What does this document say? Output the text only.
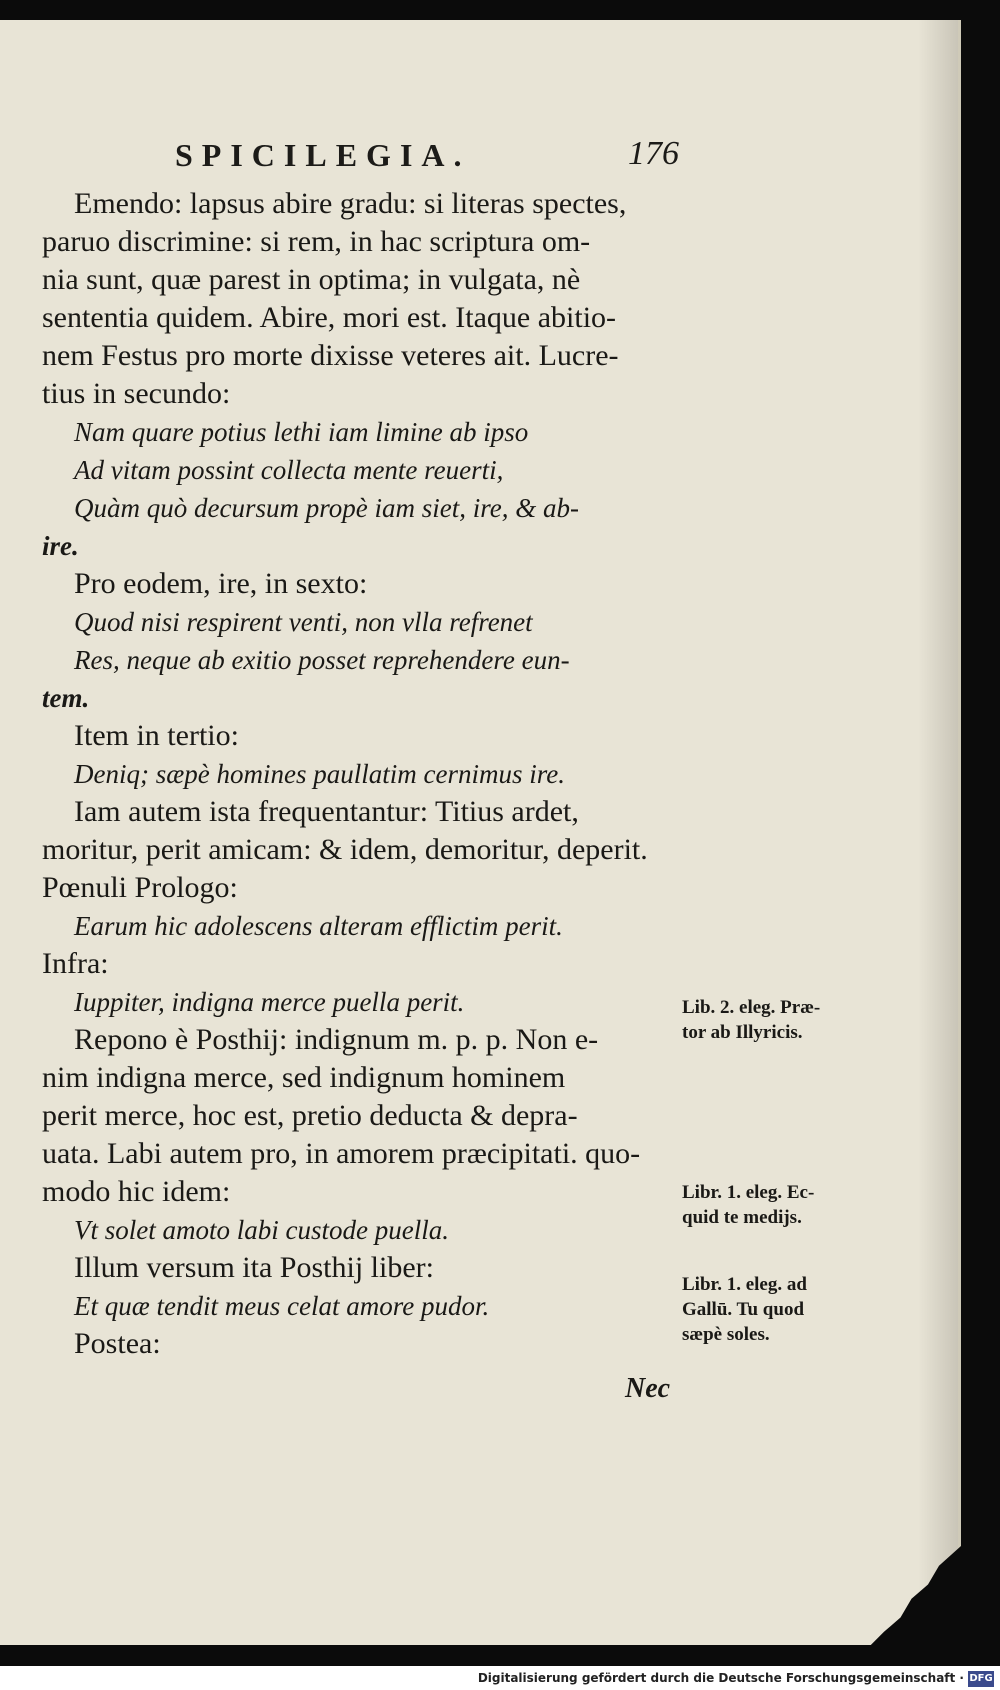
SPICILEGIA.	176
Emendo: lapsus abire gradu: si literas spectes,
paruo discrimine: si rem, in hac scriptura om-
nia sunt, quæ parest in optima; in vulgata, nè
sententia quidem. Abire, mori est. Itaque abitio-
nem Festus pro morte dixisse veteres ait. Lucre-
tius in secundo:
Nam quare potius lethi iam limine ab ipso
Ad vitam possint collecta mente reuerti,
Quàm quò decursum propè iam siet, ire, & ab-
ire.
Pro eodem, ire, in sexto:
Quod nisi respirent venti, non vlla refrenet
Res, neque ab exitio posset reprehendere eun-
tem.
Item in tertio:
Deniq; sæpè homines paullatim cernimus ire.
Iam autem ista frequentantur: Titius ardet,
moritur, perit amicam: & idem, demoritur, deperit.
Pœnuli Prologo:
Earum hic adolescens alteram efflictim perit.
Infra:
Iuppiter, indigna merce puella perit.
Repono è Posthij: indignum m. p. p. Non e-
nim indigna merce, sed indignum hominem
perit merce, hoc est, pretio deducta & depra-
uata. Labi autem pro, in amorem præcipitati. quo-
modo hic idem:
Vt solet amoto labi custode puella.
Illum versum ita Posthij liber:
Et quæ tendit meus celat amore pudor.
Postea:
Nec
Lib. 2. eleg. Præ-
tor ab Illyricis.
Libr. 1. eleg. Ec-
quid te medijs.
Libr. 1. eleg. ad
Gallū. Tu quod
sæpè soles.
Digitalisierung gefördert durch die Deutsche Forschungsgemeinschaft · DFG
